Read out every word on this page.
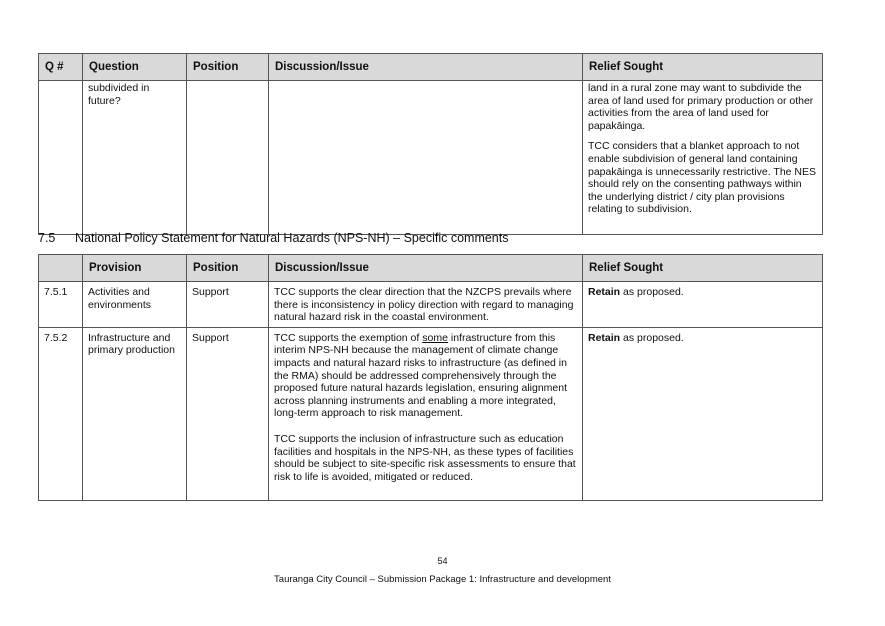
Q #	Question	Position	Discussion/Issue	Relief Sought
	subdivided in future?			land in a rural zone may want to subdivide the area of land used for primary production or other activities from the area of land used for papakāinga.

TCC considers that a blanket approach to not enable subdivision of general land containing papakāinga is unnecessarily restrictive. The NES should rely on the consenting pathways within the underlying district / city plan provisions relating to subdivision.

7.5 National Policy Statement for Natural Hazards (NPS-NH) – Specific comments
	Provision	Position	Discussion/Issue	Relief Sought
7.5.1	Activities and environments	Support	TCC supports the clear direction that the NZCPS prevails where there is inconsistency in policy direction with regard to managing natural hazard risk in the coastal environment.	Retain as proposed.
7.5.2	Infrastructure and primary production	Support	TCC supports the exemption of some infrastructure from this interim NPS-NH because the management of climate change impacts and natural hazard risks to infrastructure (as defined in the RMA) should be addressed comprehensively through the proposed future natural hazards legislation, ensuring alignment across planning instruments and enabling a more integrated, long-term approach to risk management.

TCC supports the inclusion of infrastructure such as education facilities and hospitals in the NPS-NH, as these types of facilities should be subject to site-specific risk assessments to ensure that risk to life is avoided, mitigated or reduced.	Retain as proposed.
54
Tauranga City Council – Submission Package 1: Infrastructure and development
